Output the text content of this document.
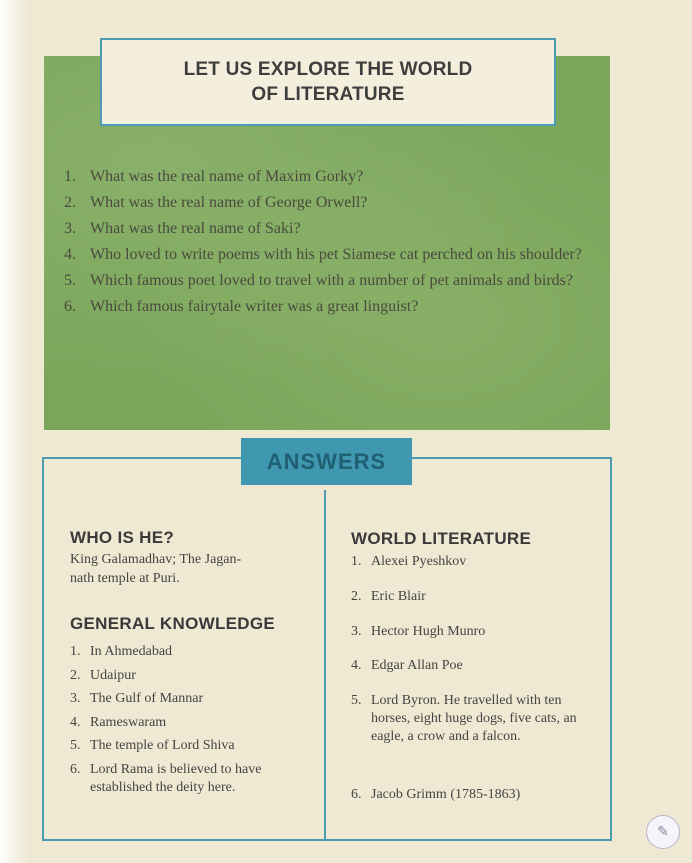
LET US EXPLORE THE WORLD
OF LITERATURE
1. What was the real name of Maxim Gorky?
2. What was the real name of George Orwell?
3. What was the real name of Saki?
4. Who loved to write poems with his pet Siamese cat perched on his shoulder?
5. Which famous poet loved to travel with a number of pet animals and birds?
6. Which famous fairytale writer was a great linguist?
ANSWERS
WHO IS HE?
King Galamadhav; The Jagan-
nath temple at Puri.
GENERAL KNOWLEDGE
1. In Ahmedabad
2. Udaipur
3. The Gulf of Mannar
4. Rameswaram
5. The temple of Lord Shiva
6. Lord Rama is believed to have established the deity here.
WORLD LITERATURE
1. Alexei Pyeshkov
2. Eric Blair
3. Hector Hugh Munro
4. Edgar Allan Poe
5. Lord Byron. He travelled with ten horses, eight huge dogs, five cats, an eagle, a crow and a falcon.
6. Jacob Grimm (1785-1863)
✎
